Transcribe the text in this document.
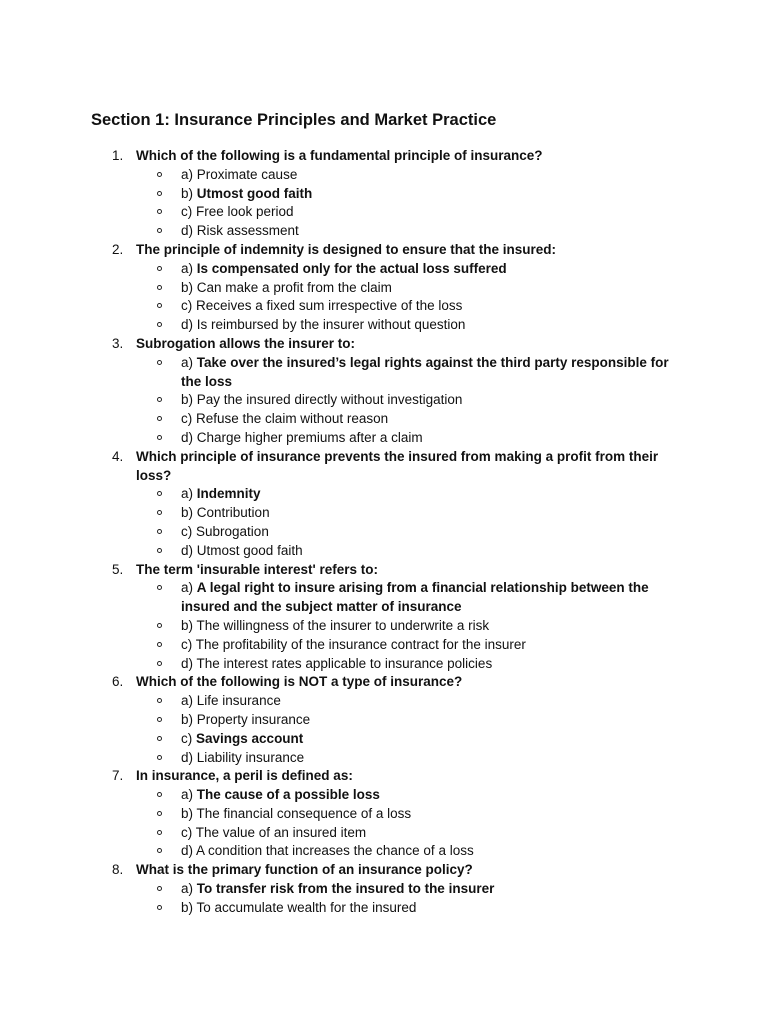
Section 1: Insurance Principles and Market Practice
1. Which of the following is a fundamental principle of insurance?
a) Proximate cause
b) Utmost good faith
c) Free look period
d) Risk assessment
2. The principle of indemnity is designed to ensure that the insured:
a) Is compensated only for the actual loss suffered
b) Can make a profit from the claim
c) Receives a fixed sum irrespective of the loss
d) Is reimbursed by the insurer without question
3. Subrogation allows the insurer to:
a) Take over the insured’s legal rights against the third party responsible for the loss
b) Pay the insured directly without investigation
c) Refuse the claim without reason
d) Charge higher premiums after a claim
4. Which principle of insurance prevents the insured from making a profit from their loss?
a) Indemnity
b) Contribution
c) Subrogation
d) Utmost good faith
5. The term 'insurable interest' refers to:
a) A legal right to insure arising from a financial relationship between the insured and the subject matter of insurance
b) The willingness of the insurer to underwrite a risk
c) The profitability of the insurance contract for the insurer
d) The interest rates applicable to insurance policies
6. Which of the following is NOT a type of insurance?
a) Life insurance
b) Property insurance
c) Savings account
d) Liability insurance
7. In insurance, a peril is defined as:
a) The cause of a possible loss
b) The financial consequence of a loss
c) The value of an insured item
d) A condition that increases the chance of a loss
8. What is the primary function of an insurance policy?
a) To transfer risk from the insured to the insurer
b) To accumulate wealth for the insured
